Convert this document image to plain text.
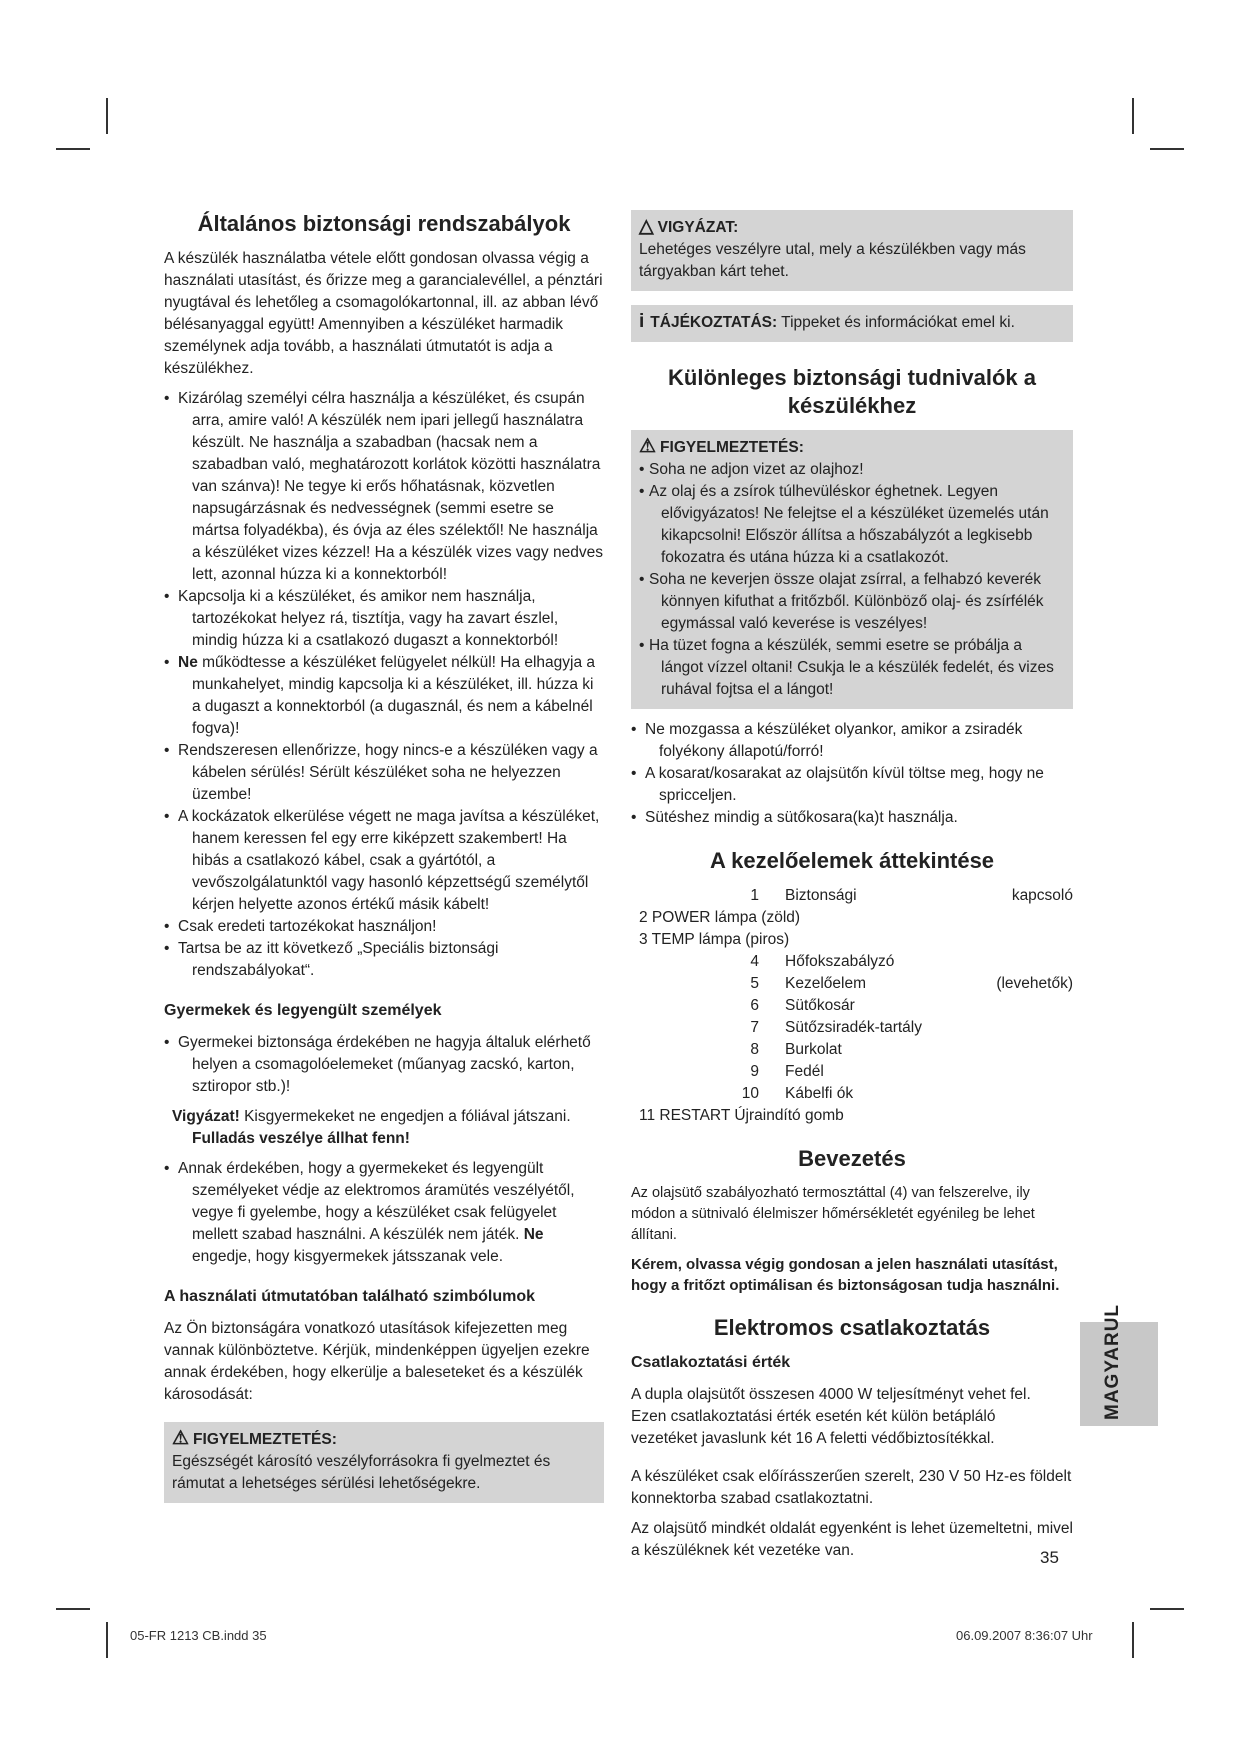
Általános biztonsági rendszabályok

A készülék használatba vétele előtt gondosan olvassa végig a használati utasítást, és őrizze meg a garancialevéllel, a pénztári nyugtával és lehetőleg a csomagolókartonnal, ill. az abban lévő bélésanyaggal együtt! Amennyiben a készüléket harmadik személynek adja tovább, a használati útmutatót is adja a készülékhez.

• Kizárólag személyi célra használja a készüléket, és csupán arra, amire való! A készülék nem ipari jellegű használatra készült. Ne használja a szabadban (hacsak nem a szabadban való, meghatározott korlátok közötti használatra van szánva)! Ne tegye ki erős hőhatásnak, közvetlen napsugárzásnak és nedvességnek (semmi esetre se mártsa folyadékba), és óvja az éles szélektől! Ne használja a készüléket vizes kézzel! Ha a készülék vizes vagy nedves lett, azonnal húzza ki a konnektorból!
• Kapcsolja ki a készüléket, és amikor nem használja, tartozékokat helyez rá, tisztítja, vagy ha zavart észlel, mindig húzza ki a csatlakozó dugaszt a konnektorból!
• Ne működtesse a készüléket felügyelet nélkül! Ha elhagyja a munkahelyet, mindig kapcsolja ki a készüléket, ill. húzza ki a dugaszt a konnektorból (a dugasznál, és nem a kábelnél fogva)!
• Rendszeresen ellenőrizze, hogy nincs-e a készüléken vagy a kábelen sérülés! Sérült készüléket soha ne helyezzen üzembe!
• A kockázatok elkerülése végett ne maga javítsa a készüléket, hanem keressen fel egy erre kiképzett szakembert! Ha hibás a csatlakozó kábel, csak a gyártótól, a vevőszolgálatunktól vagy hasonló képzettségű személytől kérjen helyette azonos értékű másik kábelt!
• Csak eredeti tartozékokat használjon!
• Tartsa be az itt következő „Speciális biztonsági rendszabályokat“.
Gyermekek és legyengült személyek
• Gyermekei biztonsága érdekében ne hagyja általuk elérhető helyen a csomagolóelemeket (műanyag zacskó, karton, sztiropor stb.)!

Vigyázat! Kisgyermekeket ne engedjen a fóliával játszani.
Fulladás veszélye állhat fenn!

• Annak érdekében, hogy a gyermekeket és legyengült személyeket védje az elektromos áramütés veszélyétől, vegye fi gyelembe, hogy a készüléket csak felügyelet mellett szabad használni. A készülék nem játék. Ne engedje, hogy kisgyermekek játsszanak vele.
A használati útmutatóban található szimbólumok

Az Ön biztonságára vonatkozó utasítások kifejezetten meg vannak különböztetve. Kérjük, mindenképpen ügyeljen ezekre annak érdekében, hogy elkerülje a baleseteket és a készülék károsodását:

⚠ FIGYELMEZTETÉS:
Egészségét károsító veszélyforrásokra fi gyelmeztet és rámutat a lehetséges sérülési lehetőségekre.
△ VIGYÁZAT:
Lehetéges veszélyre utal, mely a készülékben vagy más tárgyakban kárt tehet.
i TÁJÉKOZTATÁS: Tippeket és információkat emel ki.
Különleges biztonsági tudnivalók a készülékhez
⚠ FIGYELMEZTETÉS:
• Soha ne adjon vizet az olajhoz!
• Az olaj és a zsírok túlhevüléskor éghetnek. Legyen elővigyázatos! Ne felejtse el a készüléket üzemelés után kikapcsolni! Először állítsa a hőszabályzót a legkisebb fokozatra és utána húzza ki a csatlakozót.
• Soha ne keverjen össze olajat zsírral, a felhabzó keverék könnyen kifuthat a fritőzből. Különböző olaj- és zsírfélék egymással való keverése is veszélyes!
• Ha tüzet fogna a készülék, semmi esetre se próbálja a lángot vízzel oltani! Csukja le a készülék fedelét, és vizes ruhával fojtsa el a lángot!
• Ne mozgassa a készüléket olyankor, amikor a zsiradék folyékony állapotú/forró!
• A kosarat/kosarakat az olajsütőn kívül töltse meg, hogy ne spricceljen.
• Sütéshez mindig a sütőkosara(ka)t használja.
A kezelőelemek áttekintése
1	Biztonsági	kapcsoló
2 POWER lámpa (zöld)
3 TEMP lámpa (piros)
4	Hőfokszabályzó
5	Kezelőelem	(levehetők)
6	Sütőkosár
7	Sütőzsiradék-tartály
8	Burkolat
9	Fedél
10	Kábelfi ók
11 RESTART Újraindító gomb
Bevezetés

Az olajsütő szabályozható termosztáttal (4) van felszerelve, ily módon a sütnivaló élelmiszer hőmérsékletét egyénileg be lehet állítani.

Kérem, olvassa végig gondosan a jelen használati utasítást, hogy a fritőzt optimálisan és biztonságosan tudja használni.

Elektromos csatlakoztatás
Csatlakoztatási érték

A dupla olajsütőt összesen 4000 W teljesítményt vehet fel. Ezen csatlakoztatási érték esetén két külön betápláló vezetéket javaslunk két 16 A feletti védőbiztosítékkal.

A készüléket csak előírásszerűen szerelt, 230 V 50 Hz-es földelt konnektorba szabad csatlakoztatni.

Az olajsütő mindkét oldalát egyenként is lehet üzemeltetni, mivel a készüléknek két vezetéke van.

MAGYARUL
35
05-FR 1213 CB.indd 35	06.09.2007 8:36:07 Uhr
